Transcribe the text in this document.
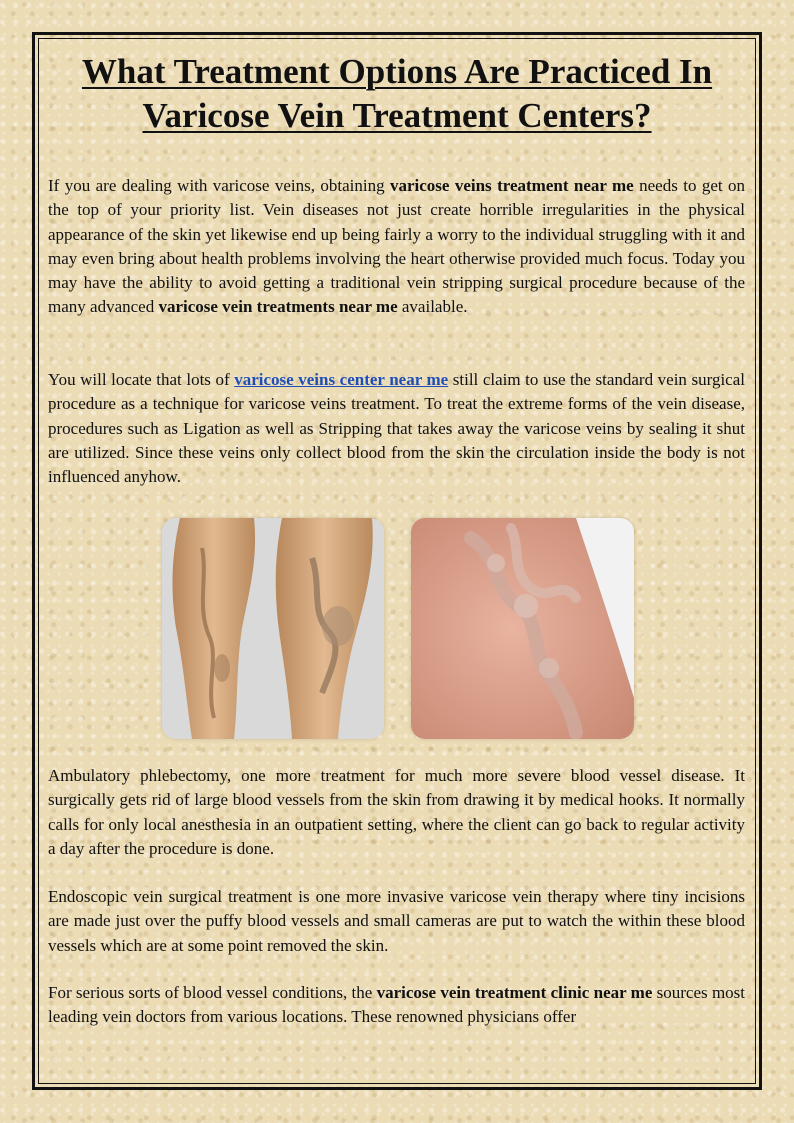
What Treatment Options Are Practiced In
Varicose Vein Treatment Centers?

If you are dealing with varicose veins, obtaining varicose veins treatment near me needs to get on the top of your priority list. Vein diseases not just create horrible irregularities in the physical appearance of the skin yet likewise end up being fairly a worry to the individual struggling with it and may even bring about health problems involving the heart otherwise provided much focus. Today you may have the ability to avoid getting a traditional vein stripping surgical procedure because of the many advanced varicose vein treatments near me available.

You will locate that lots of varicose veins center near me still claim to use the standard vein surgical procedure as a technique for varicose veins treatment. To treat the extreme forms of the vein disease, procedures such as Ligation as well as Stripping that takes away the varicose veins by sealing it shut are utilized. Since these veins only collect blood from the skin the circulation inside the body is not influenced anyhow.

Ambulatory phlebectomy, one more treatment for much more severe blood vessel disease. It surgically gets rid of large blood vessels from the skin from drawing it by medical hooks. It normally calls for only local anesthesia in an outpatient setting, where the client can go back to regular activity a day after the procedure is done.

Endoscopic vein surgical treatment is one more invasive varicose vein therapy where tiny incisions are made just over the puffy blood vessels and small cameras are put to watch the within these blood vessels which are at some point removed the skin.

For serious sorts of blood vessel conditions, the varicose vein treatment clinic near me sources most leading vein doctors from various locations. These renowned physicians offer
